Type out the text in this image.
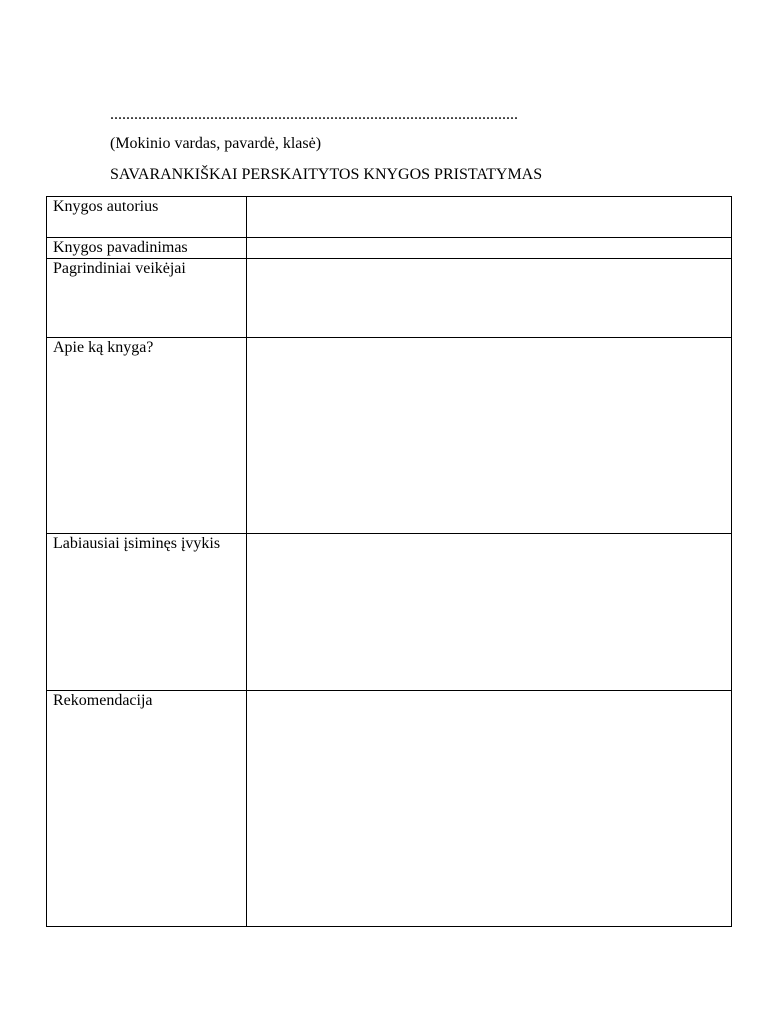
......................................................................................................
(Mokinio vardas, pavardė, klasė)
SAVARANKIŠKAI PERSKAITYTOS KNYGOS PRISTATYMAS
Knygos autorius	
Knygos pavadinimas	
Pagrindiniai veikėjai	
Apie ką knyga?	
Labiausiai įsiminęs įvykis	
Rekomendacija	
